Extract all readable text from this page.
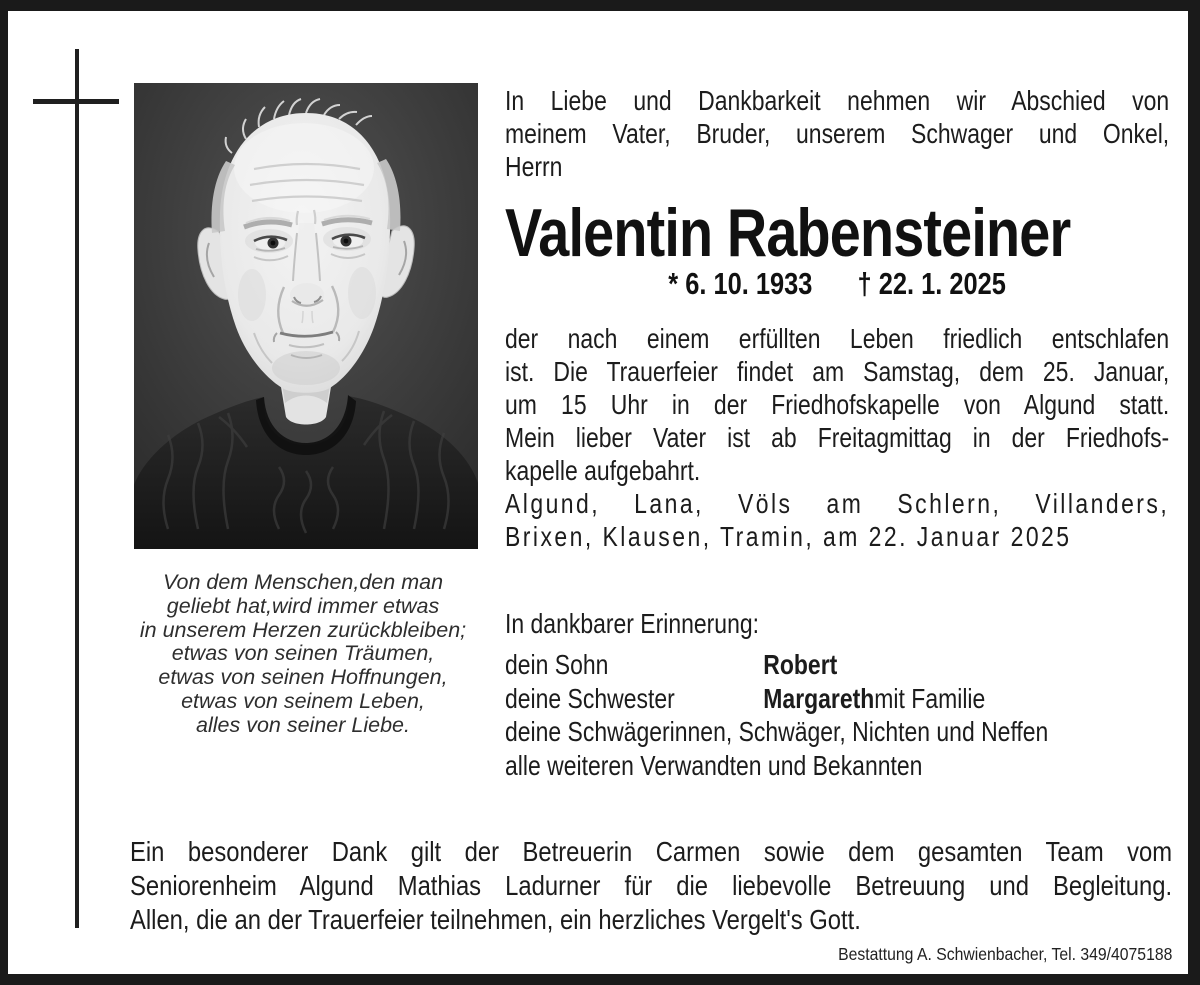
Von dem Menschen,den man
geliebt hat,wird immer etwas
in unserem Herzen zurückbleiben;
etwas von seinen Träumen,
etwas von seinen Hoffnungen,
etwas von seinem Leben,
alles von seiner Liebe.
In Liebe und Dankbarkeit nehmen wir Abschied von
meinem Vater, Bruder, unserem Schwager und Onkel,
Herrn
Valentin Rabensteiner
* 6. 10. 1933 † 22. 1. 2025
der nach einem erfüllten Leben friedlich entschlafen
ist. Die Trauerfeier findet am Samstag, dem 25. Januar,
um 15 Uhr in der Friedhofskapelle von Algund statt.
Mein lieber Vater ist ab Freitagmittag in der Friedhofs-
kapelle aufgebahrt.
Algund, Lana, Völs am Schlern, Villanders,
Brixen, Klausen, Tramin, am 22. Januar 2025
In dankbarer Erinnerung:
dein Sohn	Robert
deine Schwester	Margareth mit Familie
deine Schwägerinnen, Schwäger, Nichten und Neffen
alle weiteren Verwandten und Bekannten
Ein besonderer Dank gilt der Betreuerin Carmen sowie dem gesamten Team vom
Seniorenheim Algund Mathias Ladurner für die liebevolle Betreuung und Begleitung.
Allen, die an der Trauerfeier teilnehmen, ein herzliches Vergelt's Gott.
Bestattung A. Schwienbacher, Tel. 349/4075188
